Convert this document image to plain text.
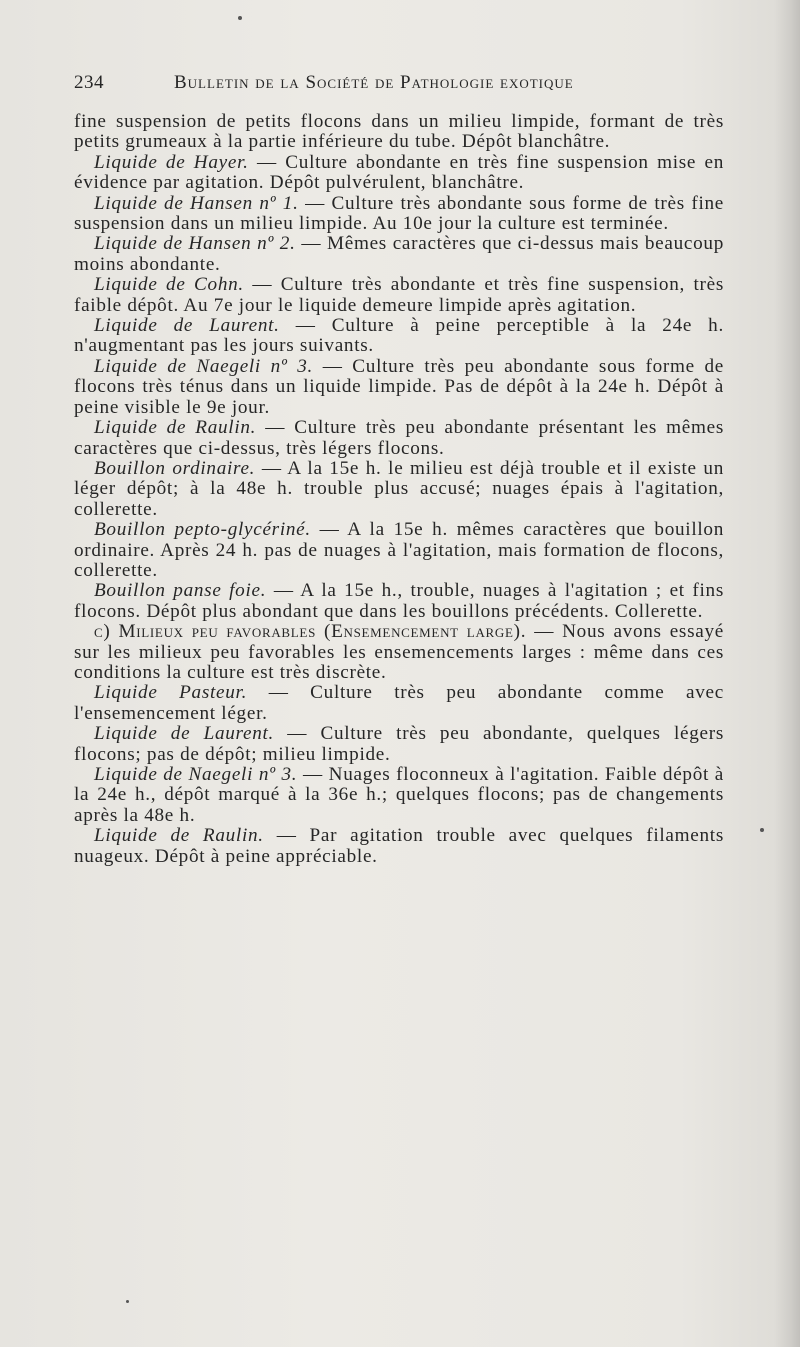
234	Bulletin de la Société de Pathologie exotique

fine suspension de petits flocons dans un milieu limpide, formant de très petits grumeaux à la partie inférieure du tube. Dépôt blanchâtre.

Liquide de Hayer. — Culture abondante en très fine suspension mise en évidence par agitation. Dépôt pulvérulent, blanchâtre.

Liquide de Hansen nº 1. — Culture très abondante sous forme de très fine suspension dans un milieu limpide. Au 10e jour la culture est terminée.

Liquide de Hansen nº 2. — Mêmes caractères que ci-dessus mais beaucoup moins abondante.

Liquide de Cohn. — Culture très abondante et très fine suspension, très faible dépôt. Au 7e jour le liquide demeure limpide après agitation.

Liquide de Laurent. — Culture à peine perceptible à la 24e h. n'augmentant pas les jours suivants.

Liquide de Naegeli nº 3. — Culture très peu abondante sous forme de flocons très ténus dans un liquide limpide. Pas de dépôt à la 24e h. Dépôt à peine visible le 9e jour.

Liquide de Raulin. — Culture très peu abondante présentant les mêmes caractères que ci-dessus, très légers flocons.

Bouillon ordinaire. — A la 15e h. le milieu est déjà trouble et il existe un léger dépôt; à la 48e h. trouble plus accusé; nuages épais à l'agitation, collerette.

Bouillon pepto-glycériné. — A la 15e h. mêmes caractères que bouillon ordinaire. Après 24 h. pas de nuages à l'agitation, mais formation de flocons, collerette.

Bouillon panse foie. — A la 15e h., trouble, nuages à l'agitation ; et fins flocons. Dépôt plus abondant que dans les bouillons précédents. Collerette.

c) Milieux peu favorables (Ensemencement large). — Nous avons essayé sur les milieux peu favorables les ensemencements larges : même dans ces conditions la culture est très discrète.

Liquide Pasteur. — Culture très peu abondante comme avec l'ensemencement léger.

Liquide de Laurent. — Culture très peu abondante, quelques légers flocons; pas de dépôt; milieu limpide.

Liquide de Naegeli nº 3. — Nuages floconneux à l'agitation. Faible dépôt à la 24e h., dépôt marqué à la 36e h.; quelques flocons; pas de changements après la 48e h.

Liquide de Raulin. — Par agitation trouble avec quelques filaments nuageux. Dépôt à peine appréciable.
